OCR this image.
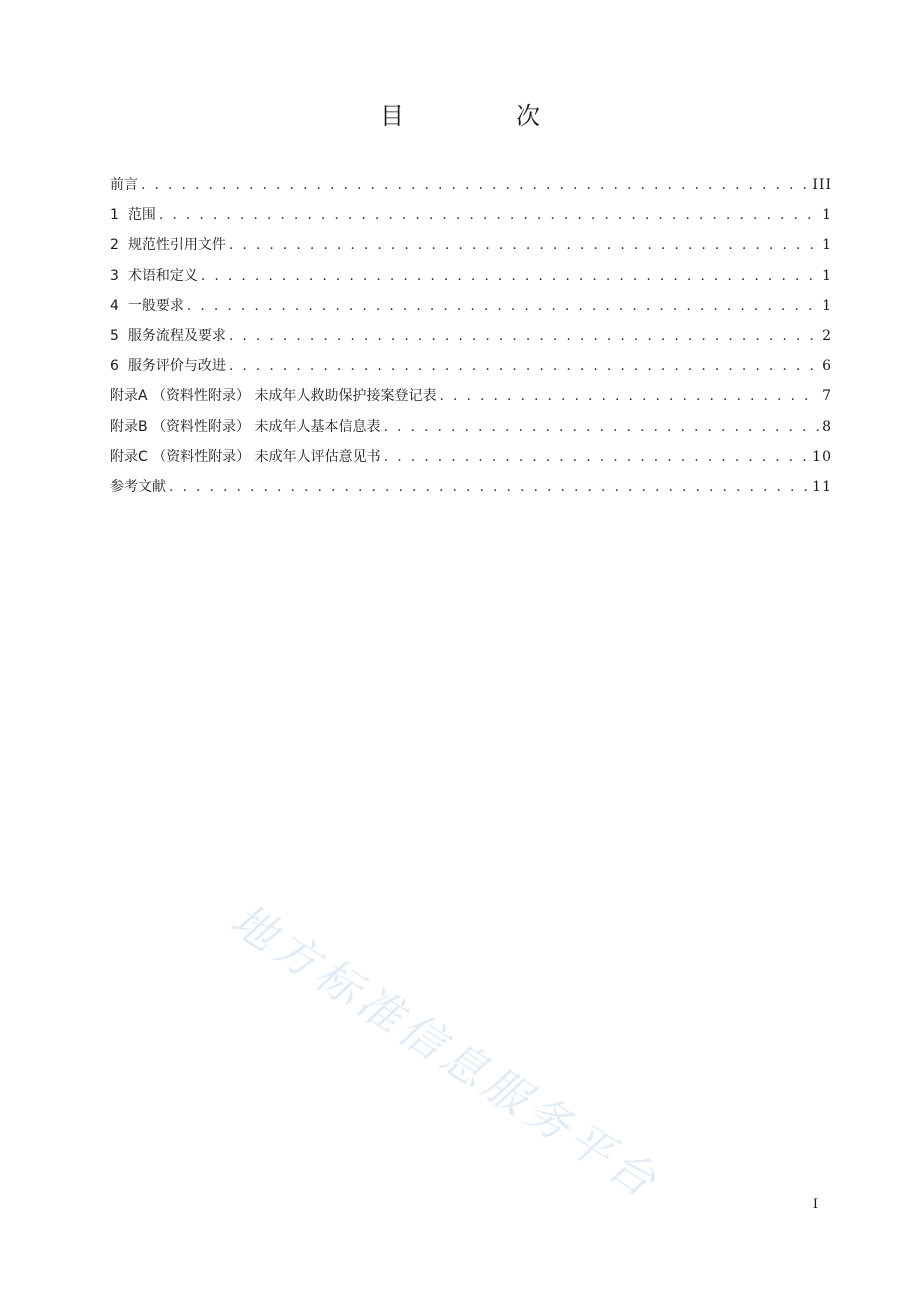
目　次
前言 . . .	III
1 范围 . . .	1
2 规范性引用文件 . . .	1
3 术语和定义 . . .	1
4 一般要求 . . .	1
5 服务流程及要求 . . .	2
6 服务评价与改进 . . .	6
附录A （资料性附录） 未成年人救助保护接案登记表 . . .	7
附录B （资料性附录） 未成年人基本信息表 . . .	8
附录C （资料性附录） 未成年人评估意见书 . . .	10
参考文献 . . .	11
地方标准信息服务平台	I
